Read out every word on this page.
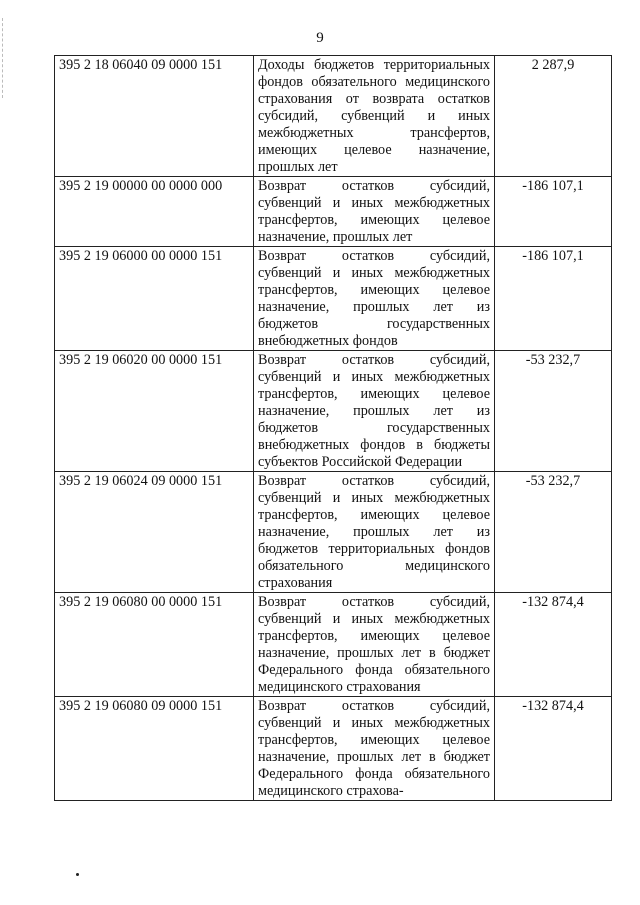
9
395 2 18 06040 09 0000 151	Доходы бюджетов территориальных фондов обязательного медицинского страхования от возврата остатков субсидий, субвенций и иных межбюджетных трансфертов, имеющих целевое назначение, прошлых лет	2 287,9
395 2 19 00000 00 0000 000	Возврат остатков субсидий, субвенций и иных межбюджетных трансфертов, имеющих целевое назначение, прошлых лет	-186 107,1
395 2 19 06000 00 0000 151	Возврат остатков субсидий, субвенций и иных межбюджетных трансфертов, имеющих целевое назначение, прошлых лет из бюджетов государственных внебюджетных фондов	-186 107,1
395 2 19 06020 00 0000 151	Возврат остатков субсидий, субвенций и иных межбюджетных трансфертов, имеющих целевое назначение, прошлых лет из бюджетов государственных внебюджетных фондов в бюджеты субъектов Российской Федерации	-53 232,7
395 2 19 06024 09 0000 151	Возврат остатков субсидий, субвенций и иных межбюджетных трансфертов, имеющих целевое назначение, прошлых лет из бюджетов территориальных фондов обязательного медицинского страхования	-53 232,7
395 2 19 06080 00 0000 151	Возврат остатков субсидий, субвенций и иных межбюджетных трансфертов, имеющих целевое назначение, прошлых лет в бюджет Федерального фонда обязательного медицинского страхования	-132 874,4
395 2 19 06080 09 0000 151	Возврат остатков субсидий, субвенций и иных межбюджетных трансфертов, имеющих целевое назначение, прошлых лет в бюджет Федерального фонда обязательного медицинского страхова-	-132 874,4
